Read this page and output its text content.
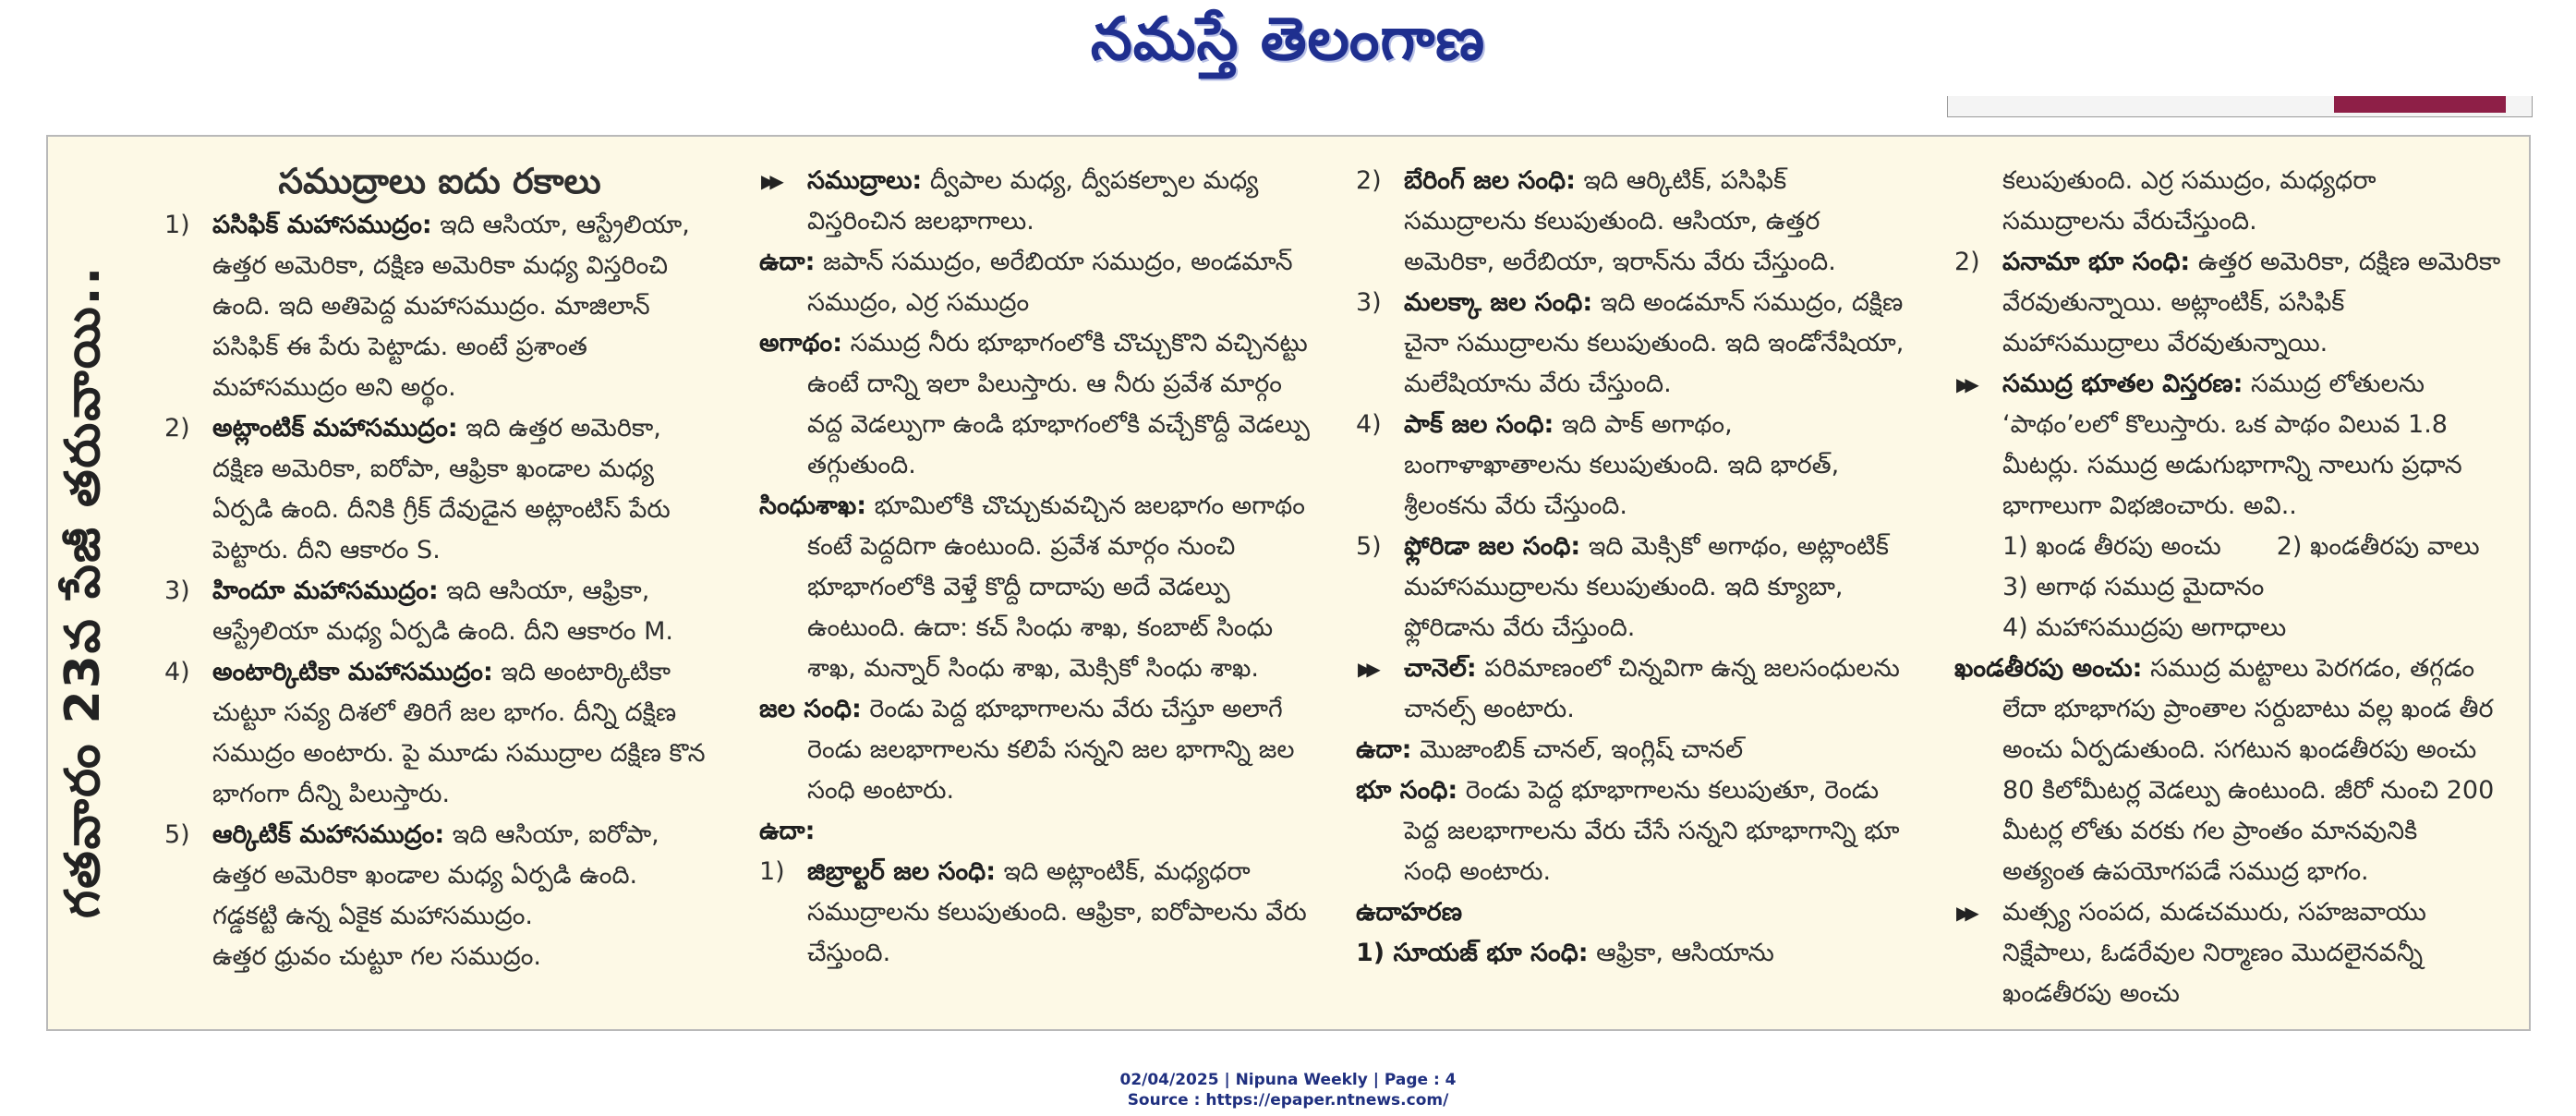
నమస్తే తెలంగాణ
గతవారం 23వ పేజీ తరువాయి..

సముద్రాలు ఐదు రకాలు

1) పసిఫిక్ మహాసముద్రం: ఇది ఆసియా, ఆస్ట్రేలియా, ఉత్తర అమెరికా, దక్షిణ అమెరికా మధ్య విస్తరించి ఉంది. ఇది అతిపెద్ద మహాసముద్రం. మాజిలాన్ పసిఫిక్ ఈ పేరు పెట్టాడు. అంటే ప్రశాంత మహాసముద్రం అని అర్థం.

2) అట్లాంటిక్ మహాసముద్రం: ఇది ఉత్తర అమెరికా, దక్షిణ అమెరికా, ఐరోపా, ఆఫ్రికా ఖండాల మధ్య ఏర్పడి ఉంది. దీనికి గ్రీక్ దేవుడైన అట్లాంటిస్ పేరు పెట్టారు. దీని ఆకారం S.

3) హిందూ మహాసముద్రం: ఇది ఆసియా, ఆఫ్రికా, ఆస్ట్రేలియా మధ్య ఏర్పడి ఉంది. దీని ఆకారం M.

4) అంటార్కిటికా మహాసముద్రం: ఇది అంటార్కిటికా చుట్టూ సవ్య దిశలో తిరిగే జల భాగం. దీన్ని దక్షిణ సముద్రం అంటారు. పై మూడు సముద్రాల దక్షిణ కొన భాగంగా దీన్ని పిలుస్తారు.

5) ఆర్కిటిక్ మహాసముద్రం: ఇది ఆసియా, ఐరోపా, ఉత్తర అమెరికా ఖండాల మధ్య ఏర్పడి ఉంది.

గడ్డకట్టి ఉన్న ఏకైక మహాసముద్రం.

ఉత్తర ధ్రువం చుట్టూ గల సముద్రం.

▶▶ సముద్రాలు: ద్వీపాల మధ్య, ద్వీపకల్పాల మధ్య విస్తరించిన జలభాగాలు.

ఉదా: జపాన్ సముద్రం, అరేబియా సముద్రం, అండమాన్ సముద్రం, ఎర్ర సముద్రం

అగాథం: సముద్ర నీరు భూభాగంలోకి చొచ్చుకొని వచ్చినట్టు ఉంటే దాన్ని ఇలా పిలుస్తారు. ఆ నీరు ప్రవేశ మార్గం వద్ద వెడల్పుగా ఉండి భూభాగంలోకి వచ్చేకొద్దీ వెడల్పు తగ్గుతుంది.

సింధుశాఖ: భూమిలోకి చొచ్చుకువచ్చిన జలభాగం అగాథం కంటే పెద్దదిగా ఉంటుంది. ప్రవేశ మార్గం నుంచి భూభాగంలోకి వెళ్తే కొద్దీ దాదాపు అదే వెడల్పు ఉంటుంది. ఉదా: కచ్ సింధు శాఖ, కంబాట్ సింధు శాఖ, మన్నార్ సింధు శాఖ, మెక్సికో సింధు శాఖ.

జల సంధి: రెండు పెద్ద భూభాగాలను వేరు చేస్తూ అలాగే రెండు జలభాగాలను కలిపే సన్నని జల భాగాన్ని జల సంధి అంటారు.

ఉదా:

1) జిబ్రాల్టర్ జల సంధి: ఇది అట్లాంటిక్, మధ్యధరా సముద్రాలను కలుపుతుంది. ఆఫ్రికా, ఐరోపాలను వేరు చేస్తుంది.

2) బేరింగ్ జల సంధి: ఇది ఆర్కిటిక్, పసిఫిక్ సముద్రాలను కలుపుతుంది. ఆసియా, ఉత్తర అమెరికా, అరేబియా, ఇరాన్‌ను వేరు చేస్తుంది.

3) మలక్కా జల సంధి: ఇది అండమాన్ సముద్రం, దక్షిణ చైనా సముద్రాలను కలుపుతుంది. ఇది ఇండోనేషియా, మలేషియాను వేరు చేస్తుంది.

4) పాక్ జల సంధి: ఇది పాక్ అగాథం, బంగాళాఖాతాలను కలుపుతుంది. ఇది భారత్, శ్రీలంకను వేరు చేస్తుంది.

5) ఫ్లోరిడా జల సంధి: ఇది మెక్సికో అగాథం, అట్లాంటిక్ మహాసముద్రాలను కలుపుతుంది. ఇది క్యూబా, ఫ్లోరిడాను వేరు చేస్తుంది.

▶▶ చానెల్: పరిమాణంలో చిన్నవిగా ఉన్న జలసంధులను చానల్స్ అంటారు.

ఉదా: మొజాంబిక్ చానల్, ఇంగ్లిష్ చానల్

భూ సంధి: రెండు పెద్ద భూభాగాలను కలుపుతూ, రెండు పెద్ద జలభాగాలను వేరు చేసే సన్నని భూభాగాన్ని భూ సంధి అంటారు.

ఉదాహరణ

1) సూయజ్ భూ సంధి: ఆఫ్రికా, ఆసియాను

కలుపుతుంది. ఎర్ర సముద్రం, మధ్యధరా సముద్రాలను వేరుచేస్తుంది.

2) పనామా భూ సంధి: ఉత్తర అమెరికా, దక్షిణ అమెరికా వేరవుతున్నాయి. అట్లాంటిక్, పసిఫిక్ మహాసముద్రాలు వేరవుతున్నాయి.

▶▶ సముద్ర భూతల విస్తరణ: సముద్ర లోతులను ‘పాథం’లలో కొలుస్తారు. ఒక పాథం విలువ 1.8 మీటర్లు. సముద్ర అడుగుభాగాన్ని నాలుగు ప్రధాన భాగాలుగా విభజించారు. అవి..

1) ఖండ తీరపు అంచు 2) ఖండతీరపు వాలు

3) అగాథ సముద్ర మైదానం

4) మహాసముద్రపు అగాధాలు

ఖండతీరపు అంచు: సముద్ర మట్టాలు పెరగడం, తగ్గడం లేదా భూభాగపు ప్రాంతాల సర్దుబాటు వల్ల ఖండ తీర అంచు ఏర్పడుతుంది. సగటున ఖండతీరపు అంచు 80 కిలోమీటర్ల వెడల్పు ఉంటుంది. జీరో నుంచి 200 మీటర్ల లోతు వరకు గల ప్రాంతం మానవునికి అత్యంత ఉపయోగపడే సముద్ర భాగం.

▶▶ మత్స్య సంపద, మడచమురు, సహజవాయు నిక్షేపాలు, ఓడరేవుల నిర్మాణం మొదలైనవన్నీ ఖండతీరపు అంచు

02/04/2025 | Nipuna Weekly | Page : 4
Source : https://epaper.ntnews.com/
